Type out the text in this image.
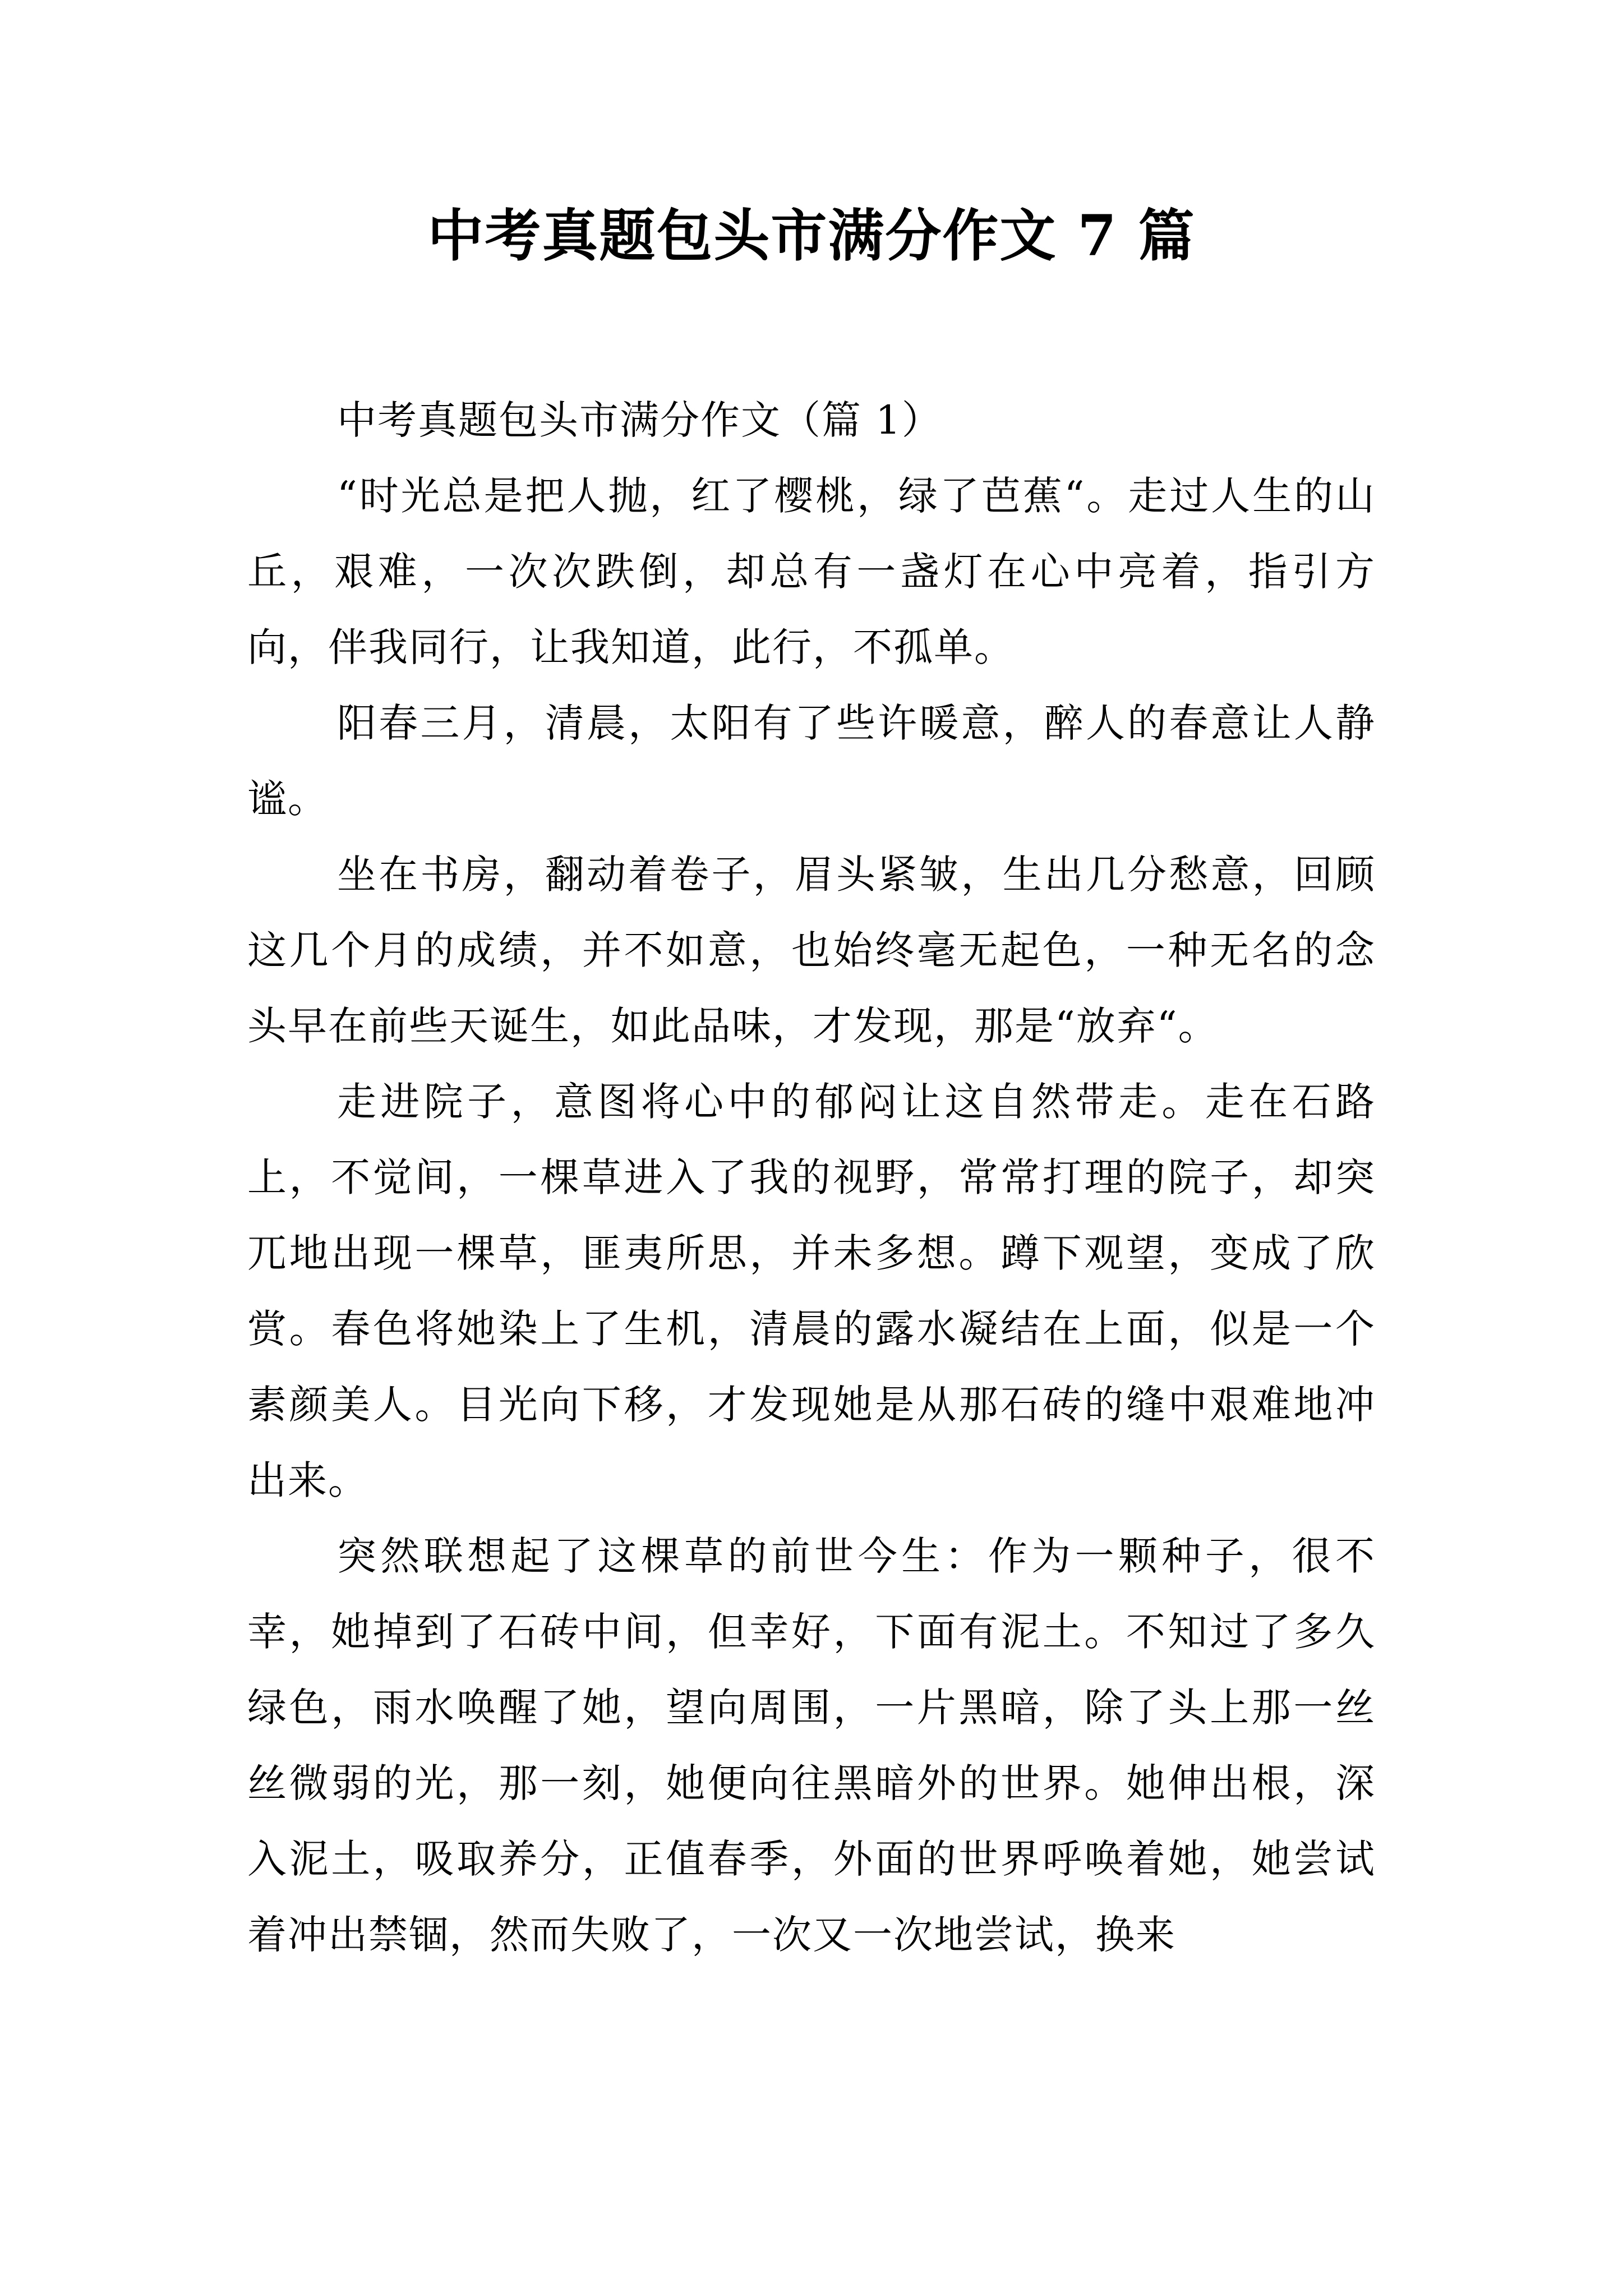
中考真题包头市满分作文 7 篇

中考真题包头市满分作文（篇 1）

“时光总是把人抛，红了樱桃，绿了芭蕉“。走过人生的山丘，艰难，一次次跌倒，却总有一盏灯在心中亮着，指引方向，伴我同行，让我知道，此行，不孤单。

阳春三月，清晨，太阳有了些许暖意，醉人的春意让人静谧。

坐在书房，翻动着卷子，眉头紧皱，生出几分愁意，回顾这几个月的成绩，并不如意，也始终毫无起色，一种无名的念头早在前些天诞生，如此品味，才发现，那是“放弃“。

走进院子，意图将心中的郁闷让这自然带走。走在石路上，不觉间，一棵草进入了我的视野，常常打理的院子，却突兀地出现一棵草，匪夷所思，并未多想。蹲下观望，变成了欣赏。春色将她染上了生机，清晨的露水凝结在上面，似是一个素颜美人。目光向下移，才发现她是从那石砖的缝中艰难地冲出来。

突然联想起了这棵草的前世今生：作为一颗种子，很不幸，她掉到了石砖中间，但幸好，下面有泥土。不知过了多久绿色，雨水唤醒了她，望向周围，一片黑暗，除了头上那一丝丝微弱的光，那一刻，她便向往黑暗外的世界。她伸出根，深入泥土，吸取养分，正值春季，外面的世界呼唤着她，她尝试着冲出禁锢，然而失败了，一次又一次地尝试，换来
